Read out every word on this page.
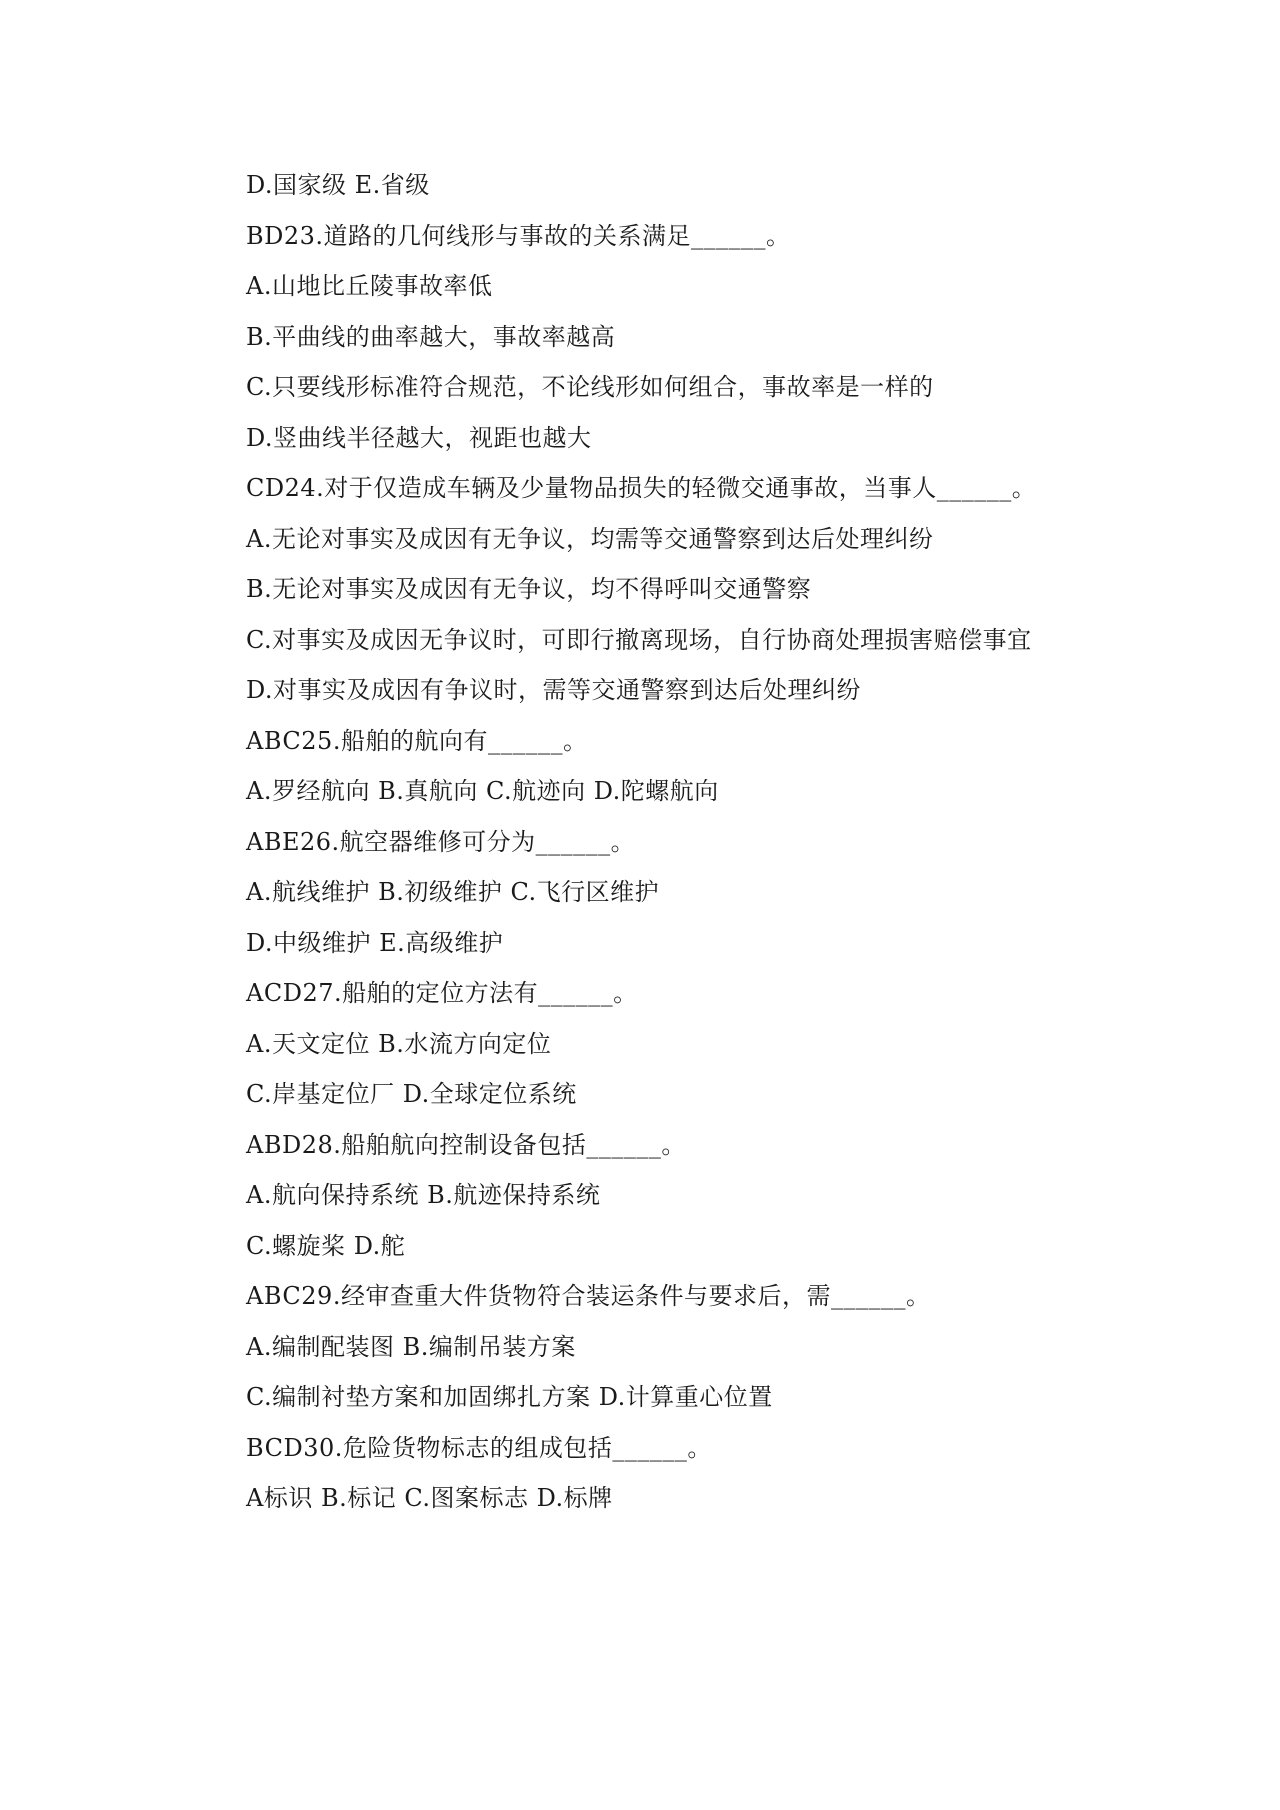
D.国家级 E.省级
BD23.道路的几何线形与事故的关系满足______。
A.山地比丘陵事故率低
B.平曲线的曲率越大，事故率越高
C.只要线形标准符合规范，不论线形如何组合，事故率是一样的
D.竖曲线半径越大，视距也越大
CD24.对于仅造成车辆及少量物品损失的轻微交通事故，当事人______。
A.无论对事实及成因有无争议，均需等交通警察到达后处理纠纷
B.无论对事实及成因有无争议，均不得呼叫交通警察
C.对事实及成因无争议时，可即行撤离现场，自行协商处理损害赔偿事宜
D.对事实及成因有争议时，需等交通警察到达后处理纠纷
ABC25.船舶的航向有______。
A.罗经航向 B.真航向 C.航迹向 D.陀螺航向
ABE26.航空器维修可分为______。
A.航线维护 B.初级维护 C.飞行区维护
D.中级维护 E.高级维护
ACD27.船舶的定位方法有______。
A.天文定位 B.水流方向定位
C.岸基定位厂 D.全球定位系统
ABD28.船舶航向控制设备包括______。
A.航向保持系统 B.航迹保持系统
C.螺旋桨 D.舵
ABC29.经审查重大件货物符合装运条件与要求后，需______。
A.编制配装图 B.编制吊装方案
C.编制衬垫方案和加固绑扎方案 D.计算重心位置
BCD30.危险货物标志的组成包括______。
A标识 B.标记 C.图案标志 D.标牌
